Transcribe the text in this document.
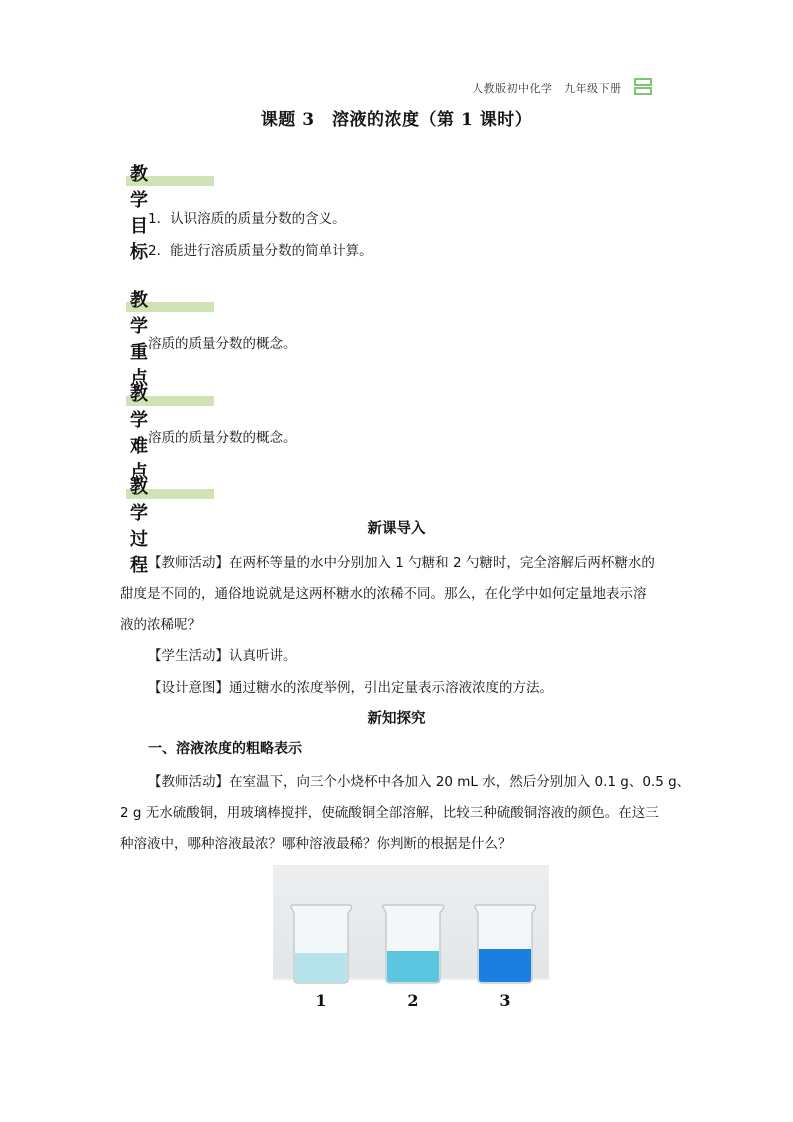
人教版初中化学　九年级下册
课题 3　溶液的浓度（第 1 课时）
教学目标
1．认识溶质的质量分数的含义。
2．能进行溶质质量分数的简单计算。
教学重点
溶质的质量分数的概念。
教学难点
溶质的质量分数的概念。
教学过程
新课导入
【教师活动】在两杯等量的水中分别加入 1 勺糖和 2 勺糖时，完全溶解后两杯糖水的
甜度是不同的，通俗地说就是这两杯糖水的浓稀不同。那么，在化学中如何定量地表示溶
液的浓稀呢？
【学生活动】认真听讲。
【设计意图】通过糖水的浓度举例，引出定量表示溶液浓度的方法。
新知探究
一、溶液浓度的粗略表示
【教师活动】在室温下，向三个小烧杯中各加入 20 mL 水，然后分别加入 0.1 g、0.5 g、
2 g 无水硫酸铜，用玻璃棒搅拌，使硫酸铜全部溶解，比较三种硫酸铜溶液的颜色。在这三
种溶液中，哪种溶液最浓？哪种溶液最稀？你判断的根据是什么？
1	2	3
